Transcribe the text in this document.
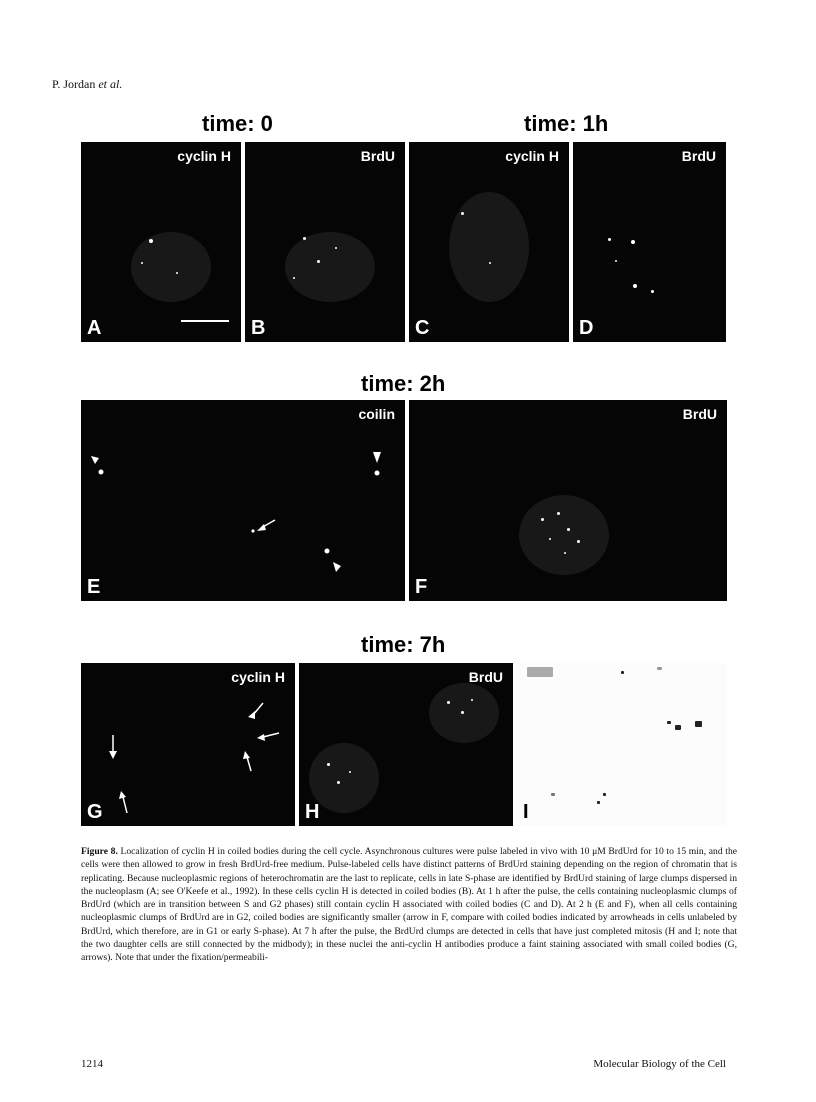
P. Jordan et al.
time: 0	time: 1h
time: 2h
time: 7h
cyclin H
A
BrdU
B
cyclin H
C
BrdU
D
coilin
E
BrdU
F
cyclin H
G
BrdU
H	I
Figure 8. Localization of cyclin H in coiled bodies during the cell cycle. Asynchronous cultures were pulse labeled in vivo with 10 μM BrdUrd for 10 to 15 min, and the cells were then allowed to grow in fresh BrdUrd-free medium. Pulse-labeled cells have distinct patterns of BrdUrd staining depending on the region of chromatin that is replicating. Because nucleoplasmic regions of heterochromatin are the last to replicate, cells in late S-phase are identified by BrdUrd staining of large clumps dispersed in the nucleoplasm (A; see O'Keefe et al., 1992). In these cells cyclin H is detected in coiled bodies (B). At 1 h after the pulse, the cells containing nucleoplasmic clumps of BrdUrd (which are in transition between S and G2 phases) still contain cyclin H associated with coiled bodies (C and D). At 2 h (E and F), when all cells containing nucleoplasmic clumps of BrdUrd are in G2, coiled bodies are significantly smaller (arrow in F, compare with coiled bodies indicated by arrowheads in cells unlabeled by BrdUrd, which therefore, are in G1 or early S-phase). At 7 h after the pulse, the BrdUrd clumps are detected in cells that have just completed mitosis (H and I; note that the two daughter cells are still connected by the midbody); in these nuclei the anti-cyclin H antibodies produce a faint staining associated with small coiled bodies (G, arrows). Note that under the fixation/permeabili-
1214	Molecular Biology of the Cell
